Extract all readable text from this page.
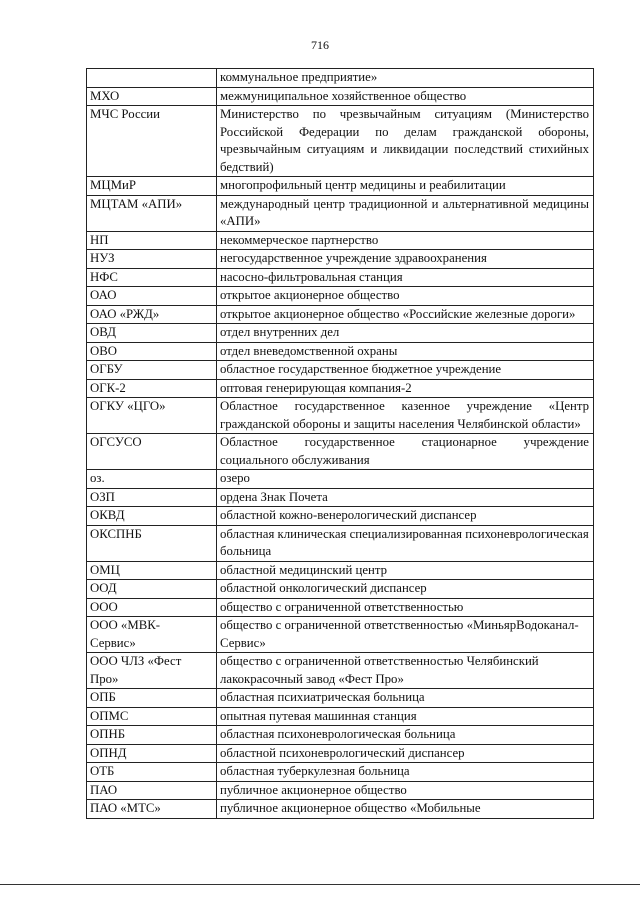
716
	коммунальное предприятие»
МХО	межмуниципальное хозяйственное общество
МЧС России	Министерство по чрезвычайным ситуациям (Министерство Российской Федерации по делам гражданской обороны, чрезвычайным ситуациям и ликвидации последствий стихийных бедствий)
МЦМиР	многопрофильный центр медицины и реабилитации
МЦТАМ «АПИ»	международный центр традиционной и альтернативной медицины «АПИ»
НП	некоммерческое партнерство
НУЗ	негосударственное учреждение здравоохранения
НФС	насосно-фильтровальная станция
ОАО	открытое акционерное общество
ОАО «РЖД»	открытое акционерное общество «Российские железные дороги»
ОВД	отдел внутренних дел
ОВО	отдел вневедомственной охраны
ОГБУ	областное государственное бюджетное учреждение
ОГК-2	оптовая генерирующая компания-2
ОГКУ «ЦГО»	Областное государственное казенное учреждение «Центр гражданской обороны и защиты населения Челябинской области»
ОГСУСО	Областное государственное стационарное учреждение социального обслуживания
оз.	озеро
ОЗП	ордена Знак Почета
ОКВД	областной кожно-венерологический диспансер
ОКСПНБ	областная клиническая специализированная психоневрологическая больница
ОМЦ	областной медицинский центр
ООД	областной онкологический диспансер
ООО	общество с ограниченной ответственностью
ООО «МВК-
Сервис»	общество с ограниченной ответственностью «МиньярВодоканал-Сервис»
ООО ЧЛЗ «Фест
Про»	общество с ограниченной ответственностью Челябинский лакокрасочный завод «Фест Про»
ОПБ	областная психиатрическая больница
ОПМС	опытная путевая машинная станция
ОПНБ	областная психоневрологическая больница
ОПНД	областной психоневрологический диспансер
ОТБ	областная туберкулезная больница
ПАО	публичное акционерное общество
ПАО «МТС»	публичное акционерное общество «Мобильные
